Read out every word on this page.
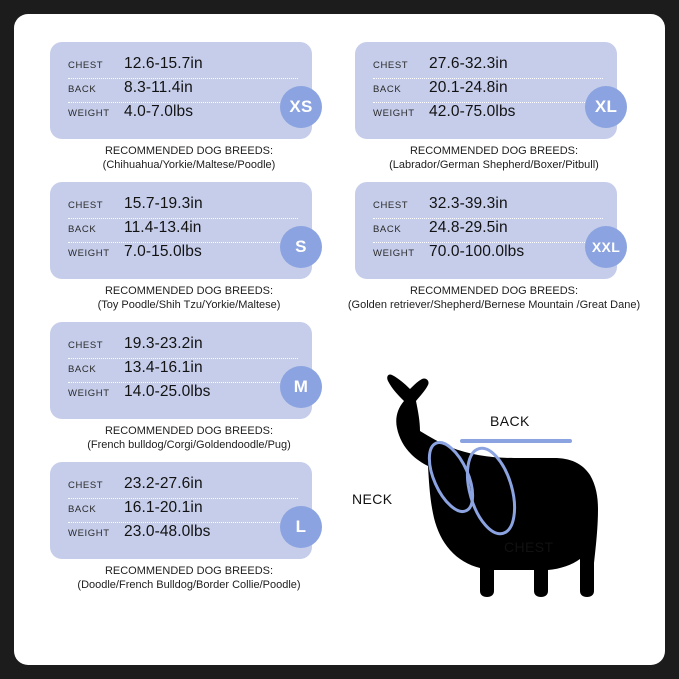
CHEST	12.6-15.7in
BACK	8.3-11.4in
WEIGHT 4.0-7.0lbs	XS
RECOMMENDED DOG BREEDS:
(Chihuahua/Yorkie/Maltese/Poodle)
CHEST	15.7-19.3in
BACK	11.4-13.4in
WEIGHT 7.0-15.0lbs	S
RECOMMENDED DOG BREEDS:
(Toy Poodle/Shih Tzu/Yorkie/Maltese)
CHEST	19.3-23.2in
BACK	13.4-16.1in
WEIGHT 14.0-25.0lbs	M
RECOMMENDED DOG BREEDS:
(French bulldog/Corgi/Goldendoodle/Pug)
CHEST	23.2-27.6in
BACK	16.1-20.1in
WEIGHT 23.0-48.0lbs	L
RECOMMENDED DOG BREEDS:
(Doodle/French Bulldog/Border Collie/Poodle)
CHEST	27.6-32.3in
BACK	20.1-24.8in
WEIGHT 42.0-75.0lbs	XL
RECOMMENDED DOG BREEDS:
(Labrador/German Shepherd/Boxer/Pitbull)
CHEST	32.3-39.3in
BACK	24.8-29.5in
WEIGHT 70.0-100.0lbs	XXL
RECOMMENDED DOG BREEDS:
(Golden retriever/Shepherd/Bernese Mountain /Great Dane)
BACK
NECK
CHEST
